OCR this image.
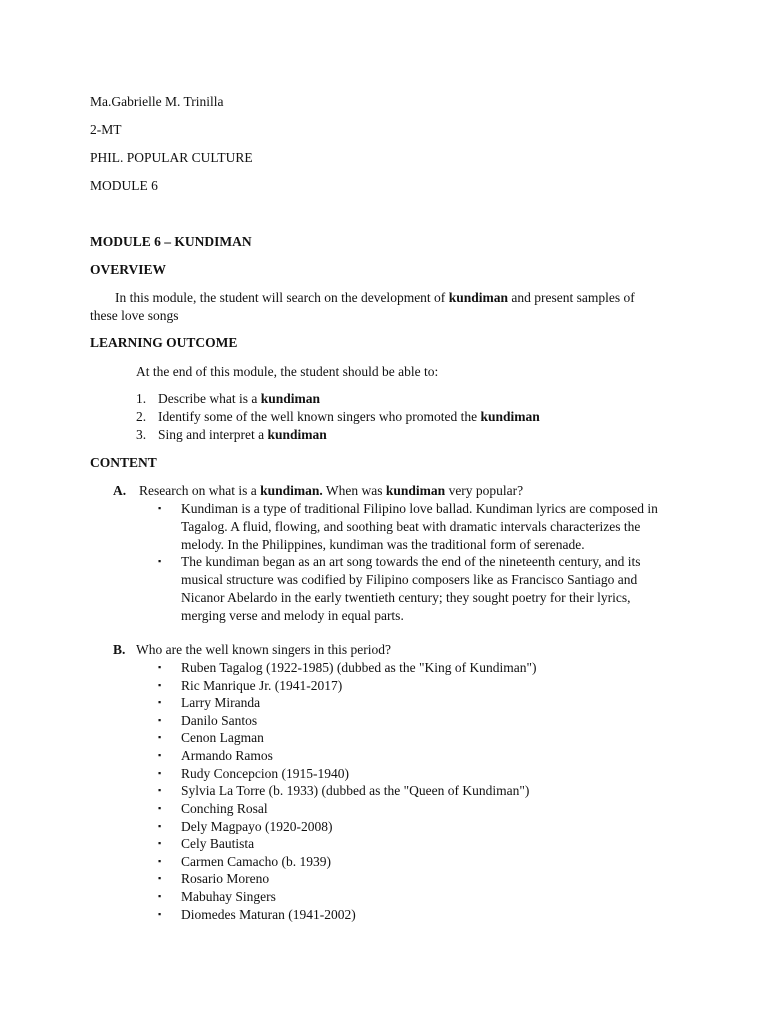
Ma.Gabrielle M. Trinilla
2-MT
PHIL. POPULAR CULTURE
MODULE 6
MODULE 6 – KUNDIMAN
OVERVIEW
In this module, the student will search on the development of kundiman and present samples of
these love songs
LEARNING OUTCOME
At the end of this module, the student should be able to:
1. Describe what is a kundiman
2. Identify some of the well known singers who promoted the kundiman
3. Sing and interpret a kundiman
CONTENT
A. Research on what is a kundiman. When was kundiman very popular?
▪ Kundiman is a type of traditional Filipino love ballad. Kundiman lyrics are composed in
Tagalog. A fluid, flowing, and soothing beat with dramatic intervals characterizes the
melody. In the Philippines, kundiman was the traditional form of serenade.
▪ The kundiman began as an art song towards the end of the nineteenth century, and its
musical structure was codified by Filipino composers like as Francisco Santiago and
Nicanor Abelardo in the early twentieth century; they sought poetry for their lyrics,
merging verse and melody in equal parts.
B. Who are the well known singers in this period?
▪ Ruben Tagalog (1922-1985) (dubbed as the "King of Kundiman")
▪ Ric Manrique Jr. (1941-2017)
▪ Larry Miranda
▪ Danilo Santos
▪ Cenon Lagman
▪ Armando Ramos
▪ Rudy Concepcion (1915-1940)
▪ Sylvia La Torre (b. 1933) (dubbed as the "Queen of Kundiman")
▪ Conching Rosal
▪ Dely Magpayo (1920-2008)
▪ Cely Bautista
▪ Carmen Camacho (b. 1939)
▪ Rosario Moreno
▪ Mabuhay Singers
▪ Diomedes Maturan (1941-2002)
